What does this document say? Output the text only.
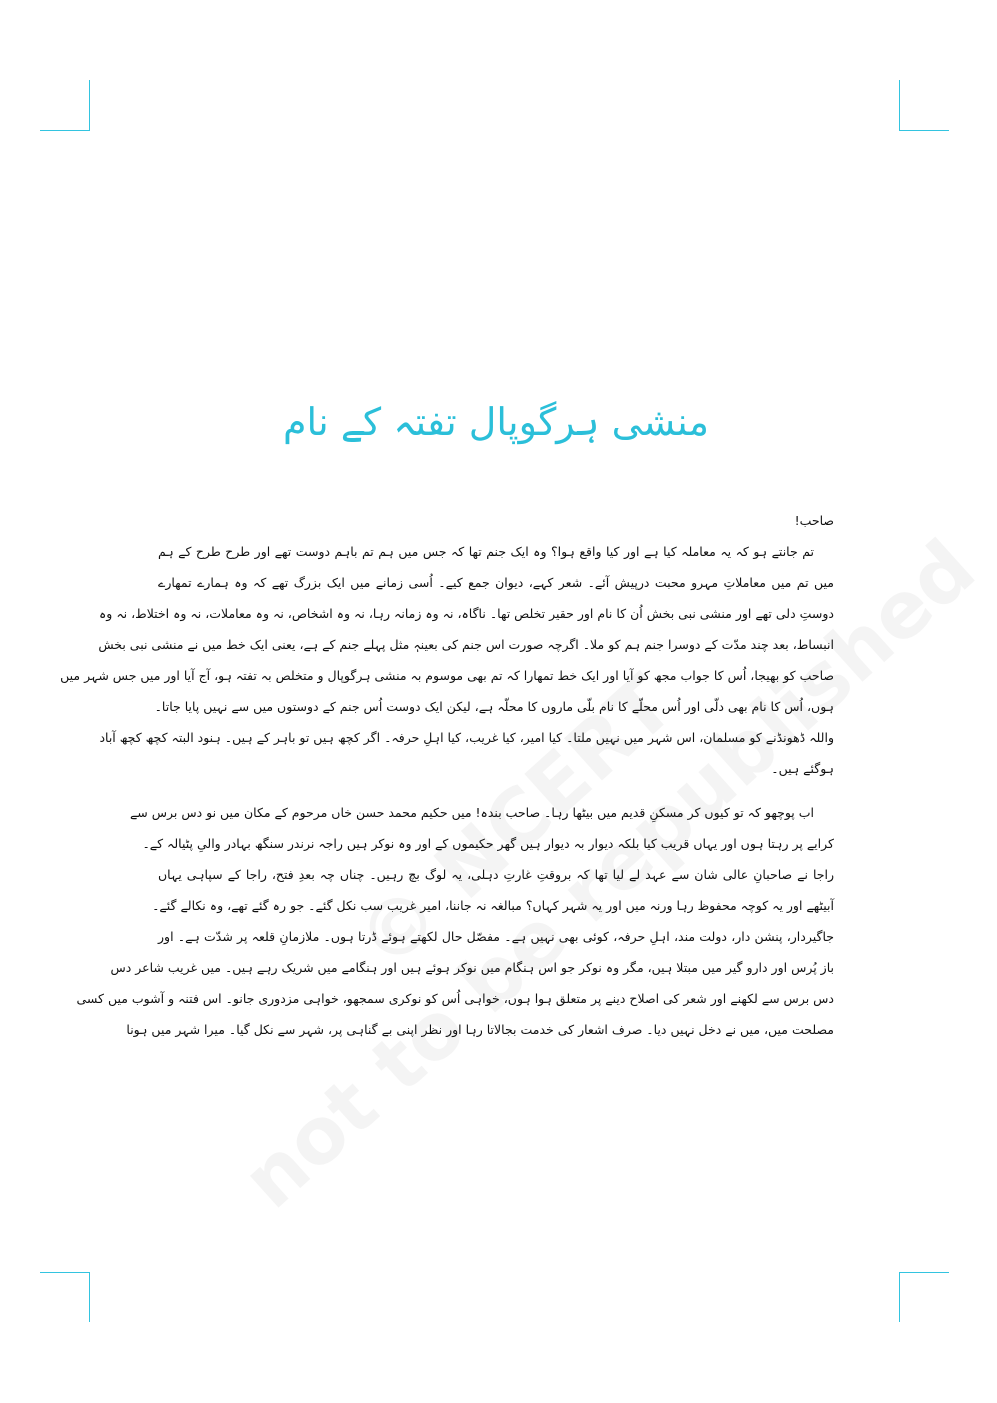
منشی ہرگوپال تفتہ کے نام
صاحب!
تم جانتے ہو کہ یہ معاملہ کیا ہے اور کیا واقع ہوا؟ وہ ایک جنم تھا کہ جس میں ہم تم باہم دوست تھے اور طرح طرح کے ہم
میں تم میں معاملاتِ مہرو محبت درپیش آئے۔ شعر کہے، دیوان جمع کیے۔ اُسی زمانے میں ایک بزرگ تھے کہ وہ ہمارے تمھارے
دوستِ دلی تھے اور منشی نبی بخش اُن کا نام اور حقیر تخلص تھا۔ ناگاہ، نہ وہ زمانہ رہا، نہ وہ اشخاص، نہ وہ معاملات، نہ وہ اختلاط، نہ وہ
انبساط، بعد چند مدّت کے دوسرا جنم ہم کو ملا۔ اگرچہ صورت اس جنم کی بعینہٖ مثل پہلے جنم کے ہے، یعنی ایک خط میں نے منشی نبی بخش
صاحب کو بھیجا، اُس کا جواب مجھ کو آیا اور ایک خط تمھارا کہ تم بھی موسوم بہ منشی ہرگوپال و متخلص بہ تفتہ ہو، آج آیا اور میں جس شہر میں
ہوں، اُس کا نام بھی دلّی اور اُس محلّے کا نام بلّی ماروں کا محلّہ ہے، لیکن ایک دوست اُس جنم کے دوستوں میں سے نہیں پایا جاتا۔
واللہ ڈھونڈنے کو مسلمان، اس شہر میں نہیں ملتا۔ کیا امیر، کیا غریب، کیا اہلِ حرفہ۔ اگر کچھ ہیں تو باہر کے ہیں۔ ہنود البتہ کچھ کچھ آباد
ہوگئے ہیں۔
اب پوچھو کہ تو کیوں کر مسکنِ قدیم میں بیٹھا رہا۔ صاحب بندہ! میں حکیم محمد حسن خاں مرحوم کے مکان میں نو دس برس سے
کرایے پر رہتا ہوں اور یہاں قریب کیا بلکہ دیوار بہ دیوار ہیں گھر حکیموں کے اور وہ نوکر ہیں راجہ نرندر سنگھ بہادر والیِ پٹیالہ کے۔
راجا نے صاحبانِ عالی شان سے عہد لے لیا تھا کہ بروقتِ غارتِ دہلی، یہ لوگ بچ رہیں۔ چناں چہ بعدِ فتح، راجا کے سپاہی یہاں
آبیٹھے اور یہ کوچہ محفوظ رہا ورنہ میں اور یہ شہر کہاں؟ مبالغہ نہ جاننا، امیر غریب سب نکل گئے۔ جو رہ گئے تھے، وہ نکالے گئے۔
جاگیردار، پنشن دار، دولت مند، اہلِ حرفہ، کوئی بھی نہیں ہے۔ مفصّل حال لکھتے ہوئے ڈرتا ہوں۔ ملازمانِ قلعہ پر شدّت ہے۔ اور
باز پُرس اور دارو گیر میں مبتلا ہیں، مگر وہ نوکر جو اس ہنگام میں نوکر ہوئے ہیں اور ہنگامے میں شریک رہے ہیں۔ میں غریب شاعر دس
دس برس سے لکھنے اور شعر کی اصلاح دینے پر متعلق ہوا ہوں، خواہی اُس کو نوکری سمجھو، خواہی مزدوری جانو۔ اس فتنہ و آشوب میں کسی
مصلحت میں، میں نے دخل نہیں دیا۔ صرف اشعار کی خدمت بجالاتا رہا اور نظر اپنی بے گناہی پر، شہر سے نکل گیا۔ میرا شہر میں ہونا
